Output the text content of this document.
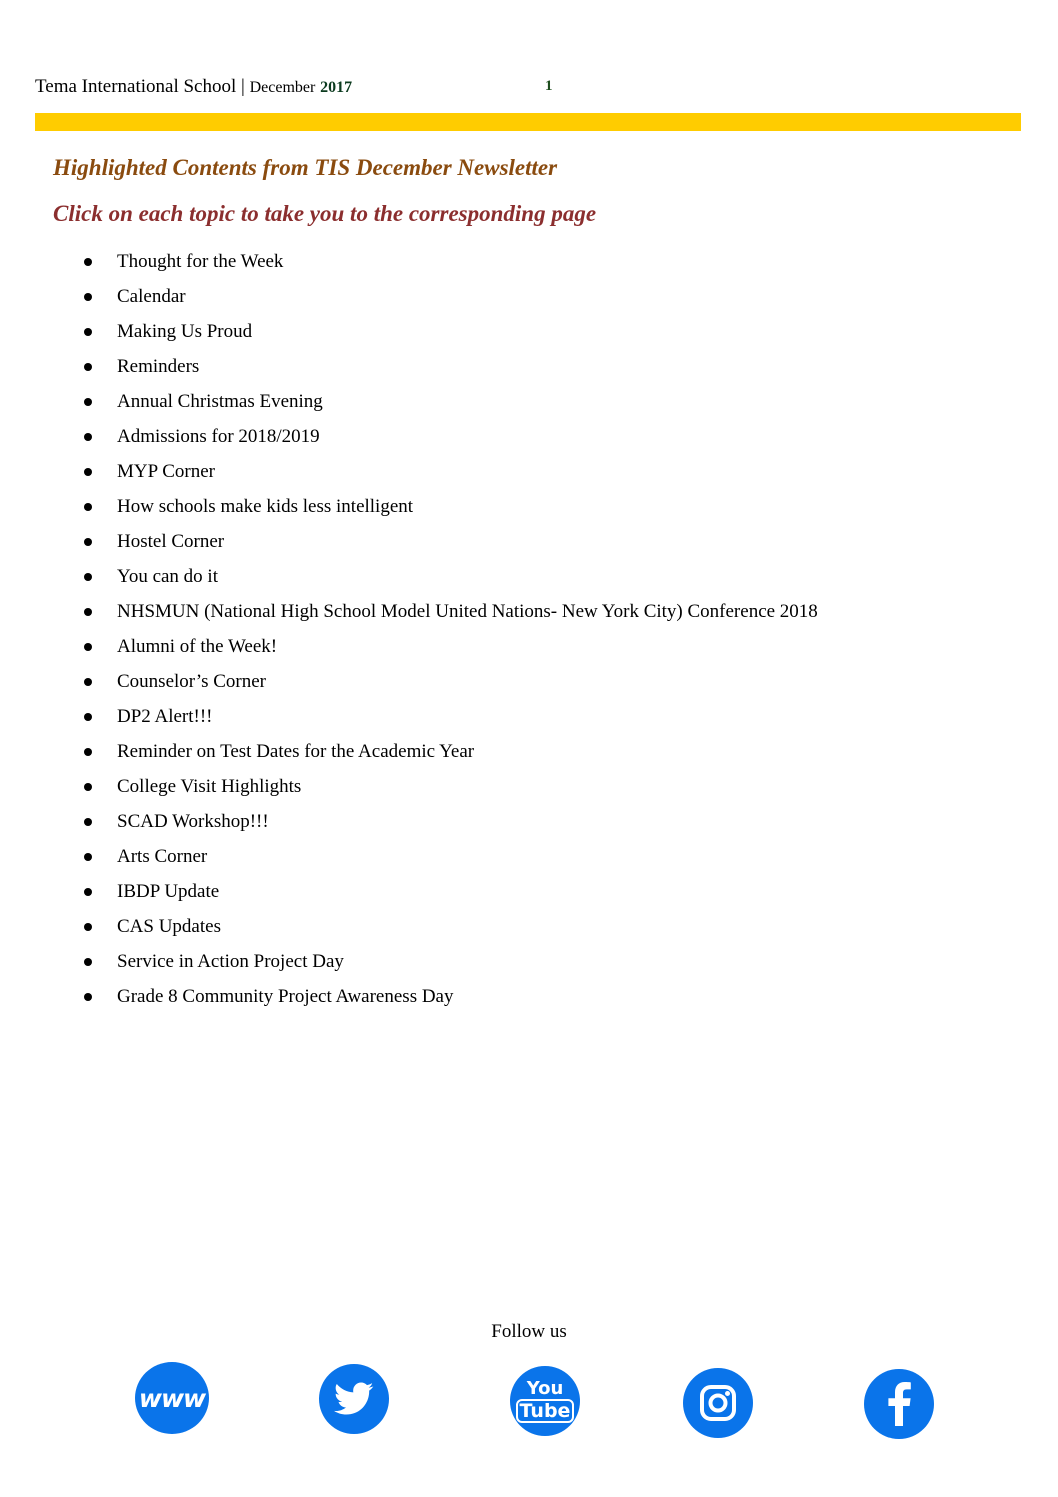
Tema International School | December 2017	1
Highlighted Contents from TIS December Newsletter
Click on each topic to take you to the corresponding page
Thought for the Week
Calendar
Making Us Proud
Reminders
Annual Christmas Evening
Admissions for 2018/2019
MYP Corner
How schools make kids less intelligent
Hostel Corner
You can do it
NHSMUN (National High School Model United Nations- New York City) Conference 2018
Alumni of the Week!
Counselor’s Corner
DP2 Alert!!!
Reminder on Test Dates for the Academic Year
College Visit Highlights
SCAD Workshop!!!
Arts Corner
IBDP Update
CAS Updates
Service in Action Project Day
Grade 8 Community Project Awareness Day
Follow us
www	You
Tube
